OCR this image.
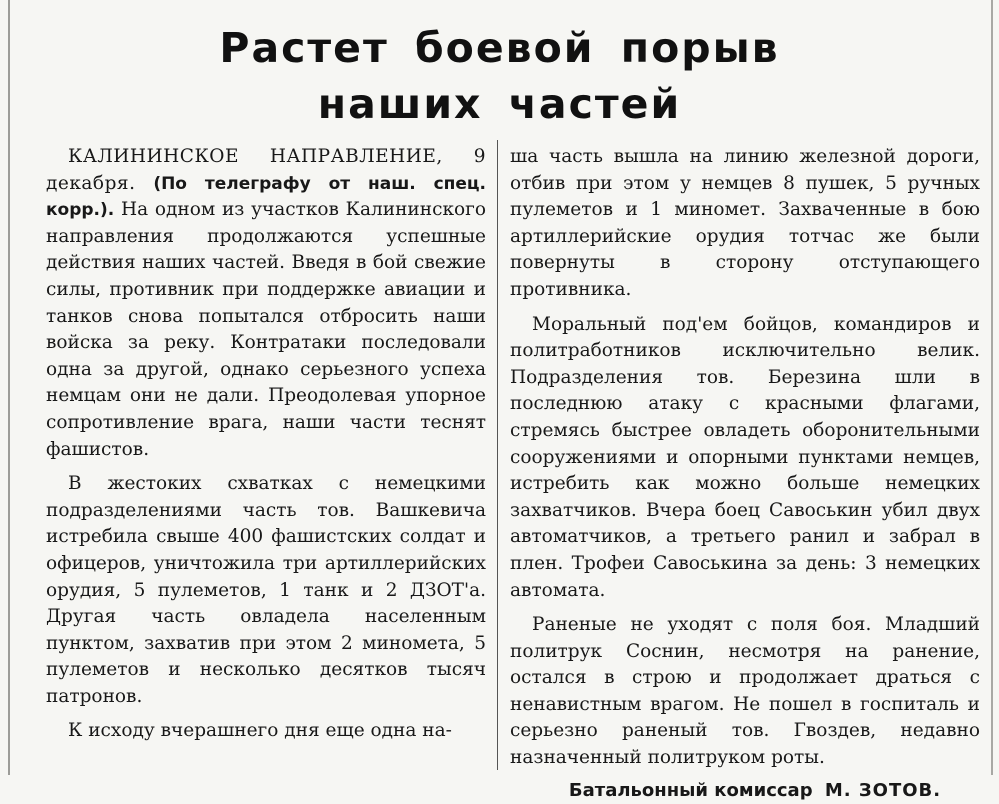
Растет боевой порыв
наших частей

КАЛИНИНСКОЕ НАПРАВЛЕНИЕ, 9 декабря. (По телеграфу от наш. спец. корр.). На одном из участков Калининского направления продолжаются успешные действия наших частей. Введя в бой свежие силы, противник при поддержке авиации и танков снова попытался отбросить наши войска за реку. Контратаки последовали одна за другой, однако серьезного успеха немцам они не дали. Преодолевая упорное сопротивление врага, наши части теснят фашистов.

В жестоких схватках с немецкими подразделениями часть тов. Вашкевича истребила свыше 400 фашистских солдат и офицеров, уничтожила три артиллерийских орудия, 5 пулеметов, 1 танк и 2 ДЗОТ'а. Другая часть овладела населенным пунктом, захватив при этом 2 миномета, 5 пулеметов и несколько десятков тысяч патронов.

К исходу вчерашнего дня еще одна на-

ша часть вышла на линию железной дороги, отбив при этом у немцев 8 пушек, 5 ручных пулеметов и 1 миномет. Захваченные в бою артиллерийские орудия тотчас же были повернуты в сторону отступающего противника.

Моральный под'ем бойцов, командиров и политработников исключительно велик. Подразделения тов. Березина шли в последнюю атаку с красными флагами, стремясь быстрее овладеть оборонительными сооружениями и опорными пунктами немцев, истребить как можно больше немецких захватчиков. Вчера боец Савоськин убил двух автоматчиков, а третьего ранил и забрал в плен. Трофеи Савоськина за день: 3 немецких автомата.

Раненые не уходят с поля боя. Младший политрук Соснин, несмотря на ранение, остался в строю и продолжает драться с ненавистным врагом. Не пошел в госпиталь и серьезно раненый тов. Гвоздев, недавно назначенный политруком роты.

Батальонный комиссар М. ЗОТОВ.
